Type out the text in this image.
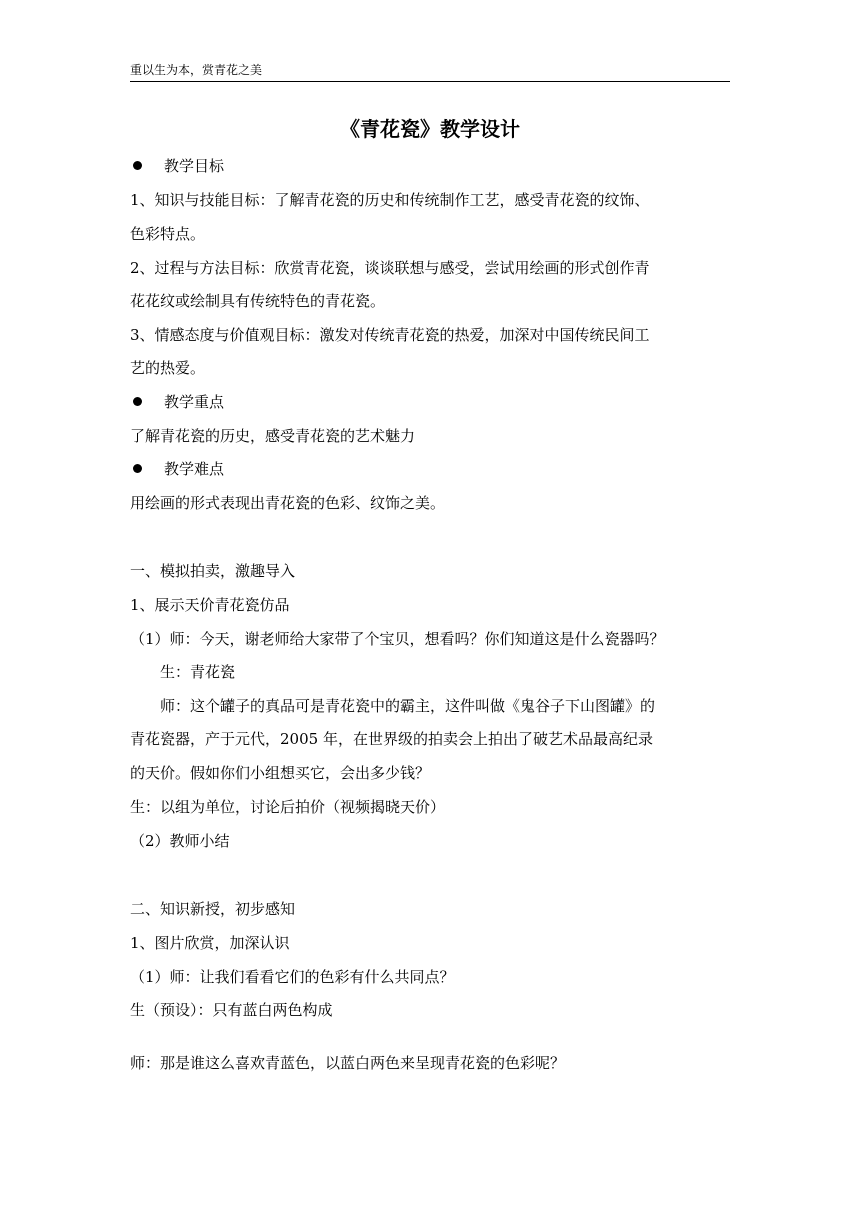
重以生为本，赏青花之美
《青花瓷》教学设计
教学目标
1、知识与技能目标：了解青花瓷的历史和传统制作工艺，感受青花瓷的纹饰、
色彩特点。
2、过程与方法目标：欣赏青花瓷，谈谈联想与感受，尝试用绘画的形式创作青
花花纹或绘制具有传统特色的青花瓷。
3、情感态度与价值观目标：激发对传统青花瓷的热爱，加深对中国传统民间工
艺的热爱。
教学重点
了解青花瓷的历史，感受青花瓷的艺术魅力
教学难点
用绘画的形式表现出青花瓷的色彩、纹饰之美。
一、模拟拍卖，激趣导入
1、展示天价青花瓷仿品
（1）师：今天，谢老师给大家带了个宝贝，想看吗？你们知道这是什么瓷器吗？
生：青花瓷
师：这个罐子的真品可是青花瓷中的霸主，这件叫做《鬼谷子下山图罐》的
青花瓷器，产于元代，2005 年，在世界级的拍卖会上拍出了破艺术品最高纪录
的天价。假如你们小组想买它，会出多少钱？
生：以组为单位，讨论后拍价（视频揭晓天价）
（2）教师小结
二、知识新授，初步感知
1、图片欣赏，加深认识
（1）师：让我们看看它们的色彩有什么共同点？
生（预设）：只有蓝白两色构成
师：那是谁这么喜欢青蓝色，以蓝白两色来呈现青花瓷的色彩呢？
